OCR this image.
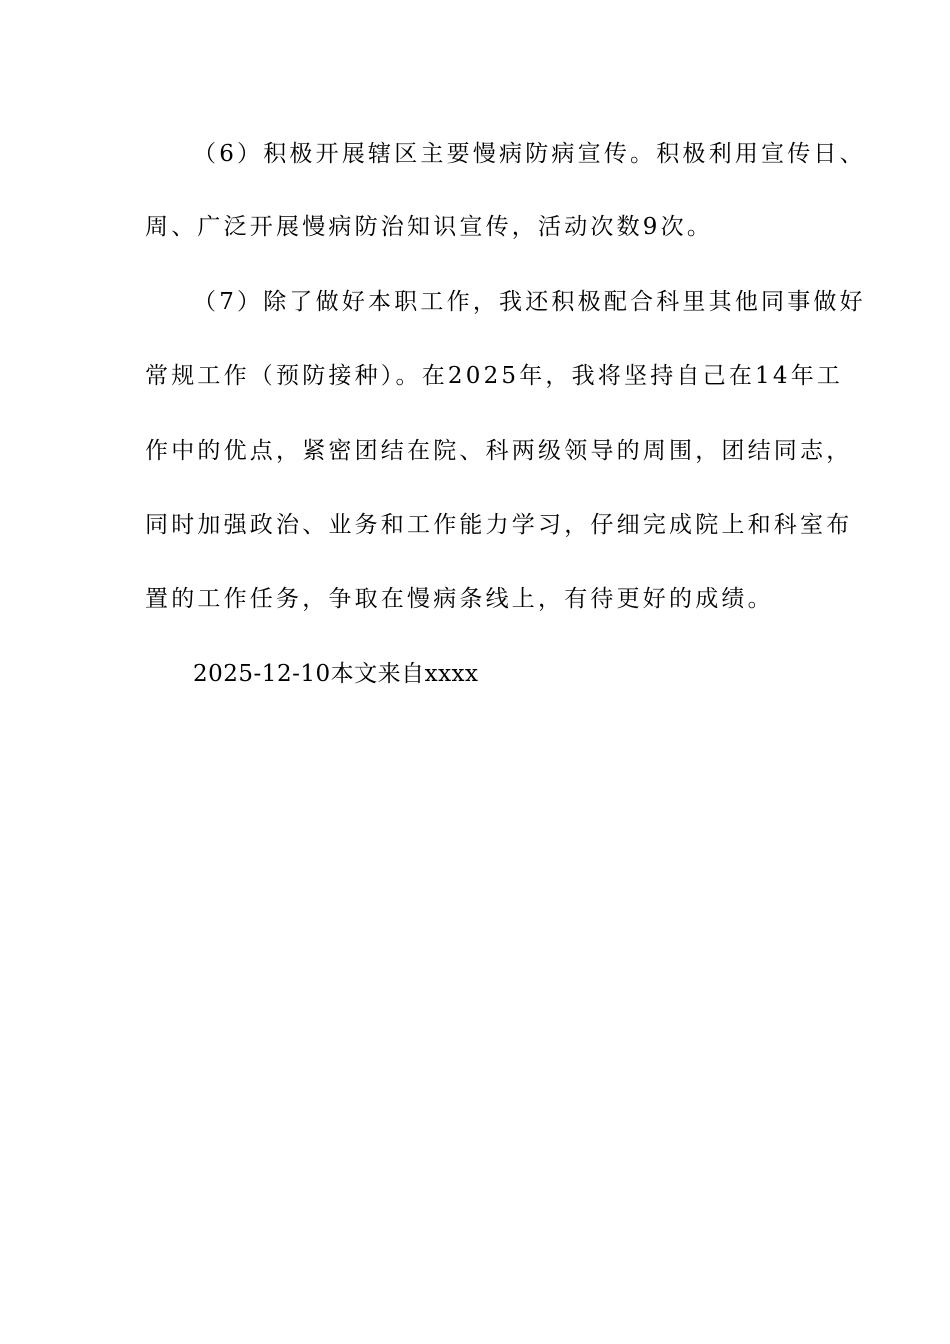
（6）积极开展辖区主要慢病防病宣传。积极利用宣传日、
周、广泛开展慢病防治知识宣传，活动次数9次。
（7）除了做好本职工作，我还积极配合科里其他同事做好
常规工作（预防接种）。在2025年，我将坚持自己在14年工
作中的优点，紧密团结在院、科两级领导的周围，团结同志，
同时加强政治、业务和工作能力学习，仔细完成院上和科室布
置的工作任务，争取在慢病条线上，有待更好的成绩。
2025-12-10本文来自xxxx
